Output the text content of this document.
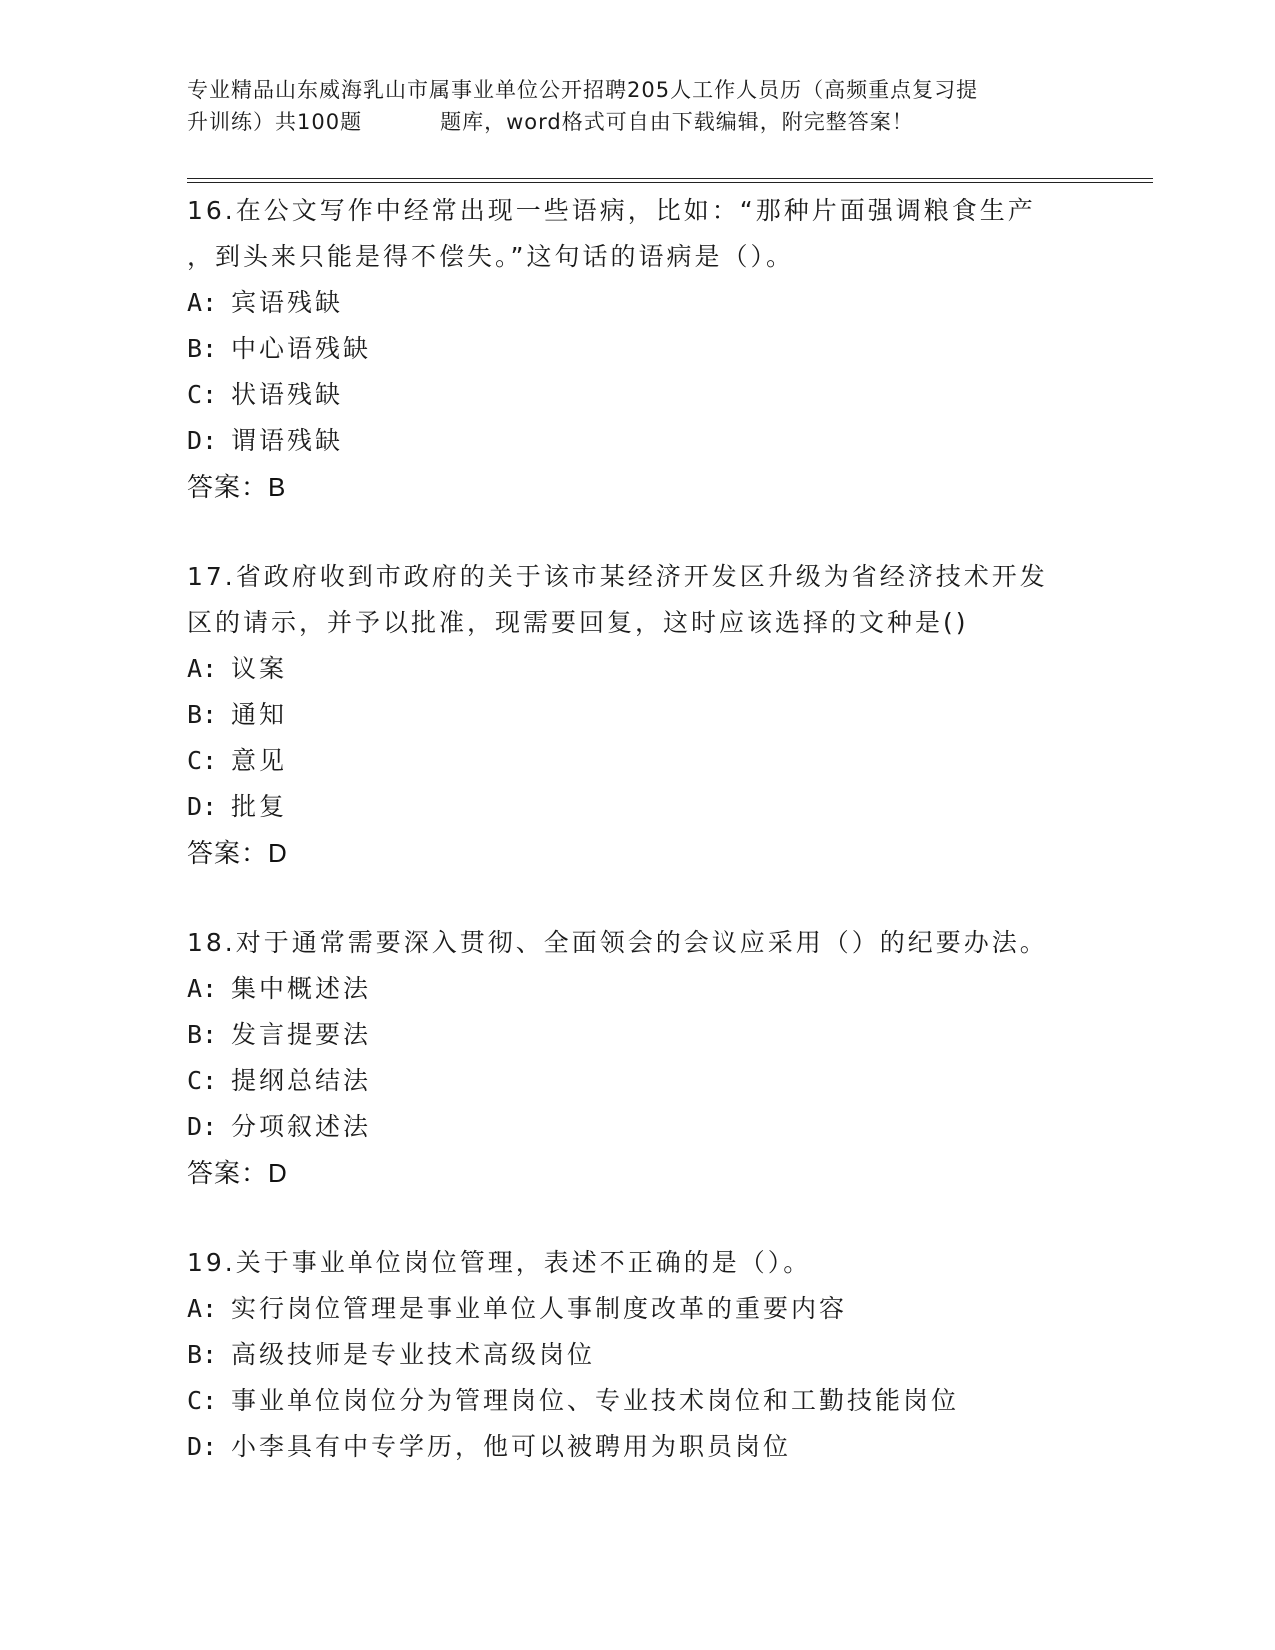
专业精品山东威海乳山市属事业单位公开招聘205人工作人员历（高频重点复习提
升训练）共100题	题库，word格式可自由下载编辑，附完整答案！
16.在公文写作中经常出现一些语病，比如：“那种片面强调粮食生产
，到头来只能是得不偿失。”这句话的语病是（）。
A: 宾语残缺
B: 中心语残缺
C: 状语残缺
D: 谓语残缺
答案：B
17.省政府收到市政府的关于该市某经济开发区升级为省经济技术开发
区的请示，并予以批准，现需要回复，这时应该选择的文种是()
A: 议案
B: 通知
C: 意见
D: 批复
答案：D
18.对于通常需要深入贯彻、全面领会的会议应采用（）的纪要办法。
A: 集中概述法
B: 发言提要法
C: 提纲总结法
D: 分项叙述法
答案：D
19.关于事业单位岗位管理，表述不正确的是（）。
A: 实行岗位管理是事业单位人事制度改革的重要内容
B: 高级技师是专业技术高级岗位
C: 事业单位岗位分为管理岗位、专业技术岗位和工勤技能岗位
D: 小李具有中专学历，他可以被聘用为职员岗位
